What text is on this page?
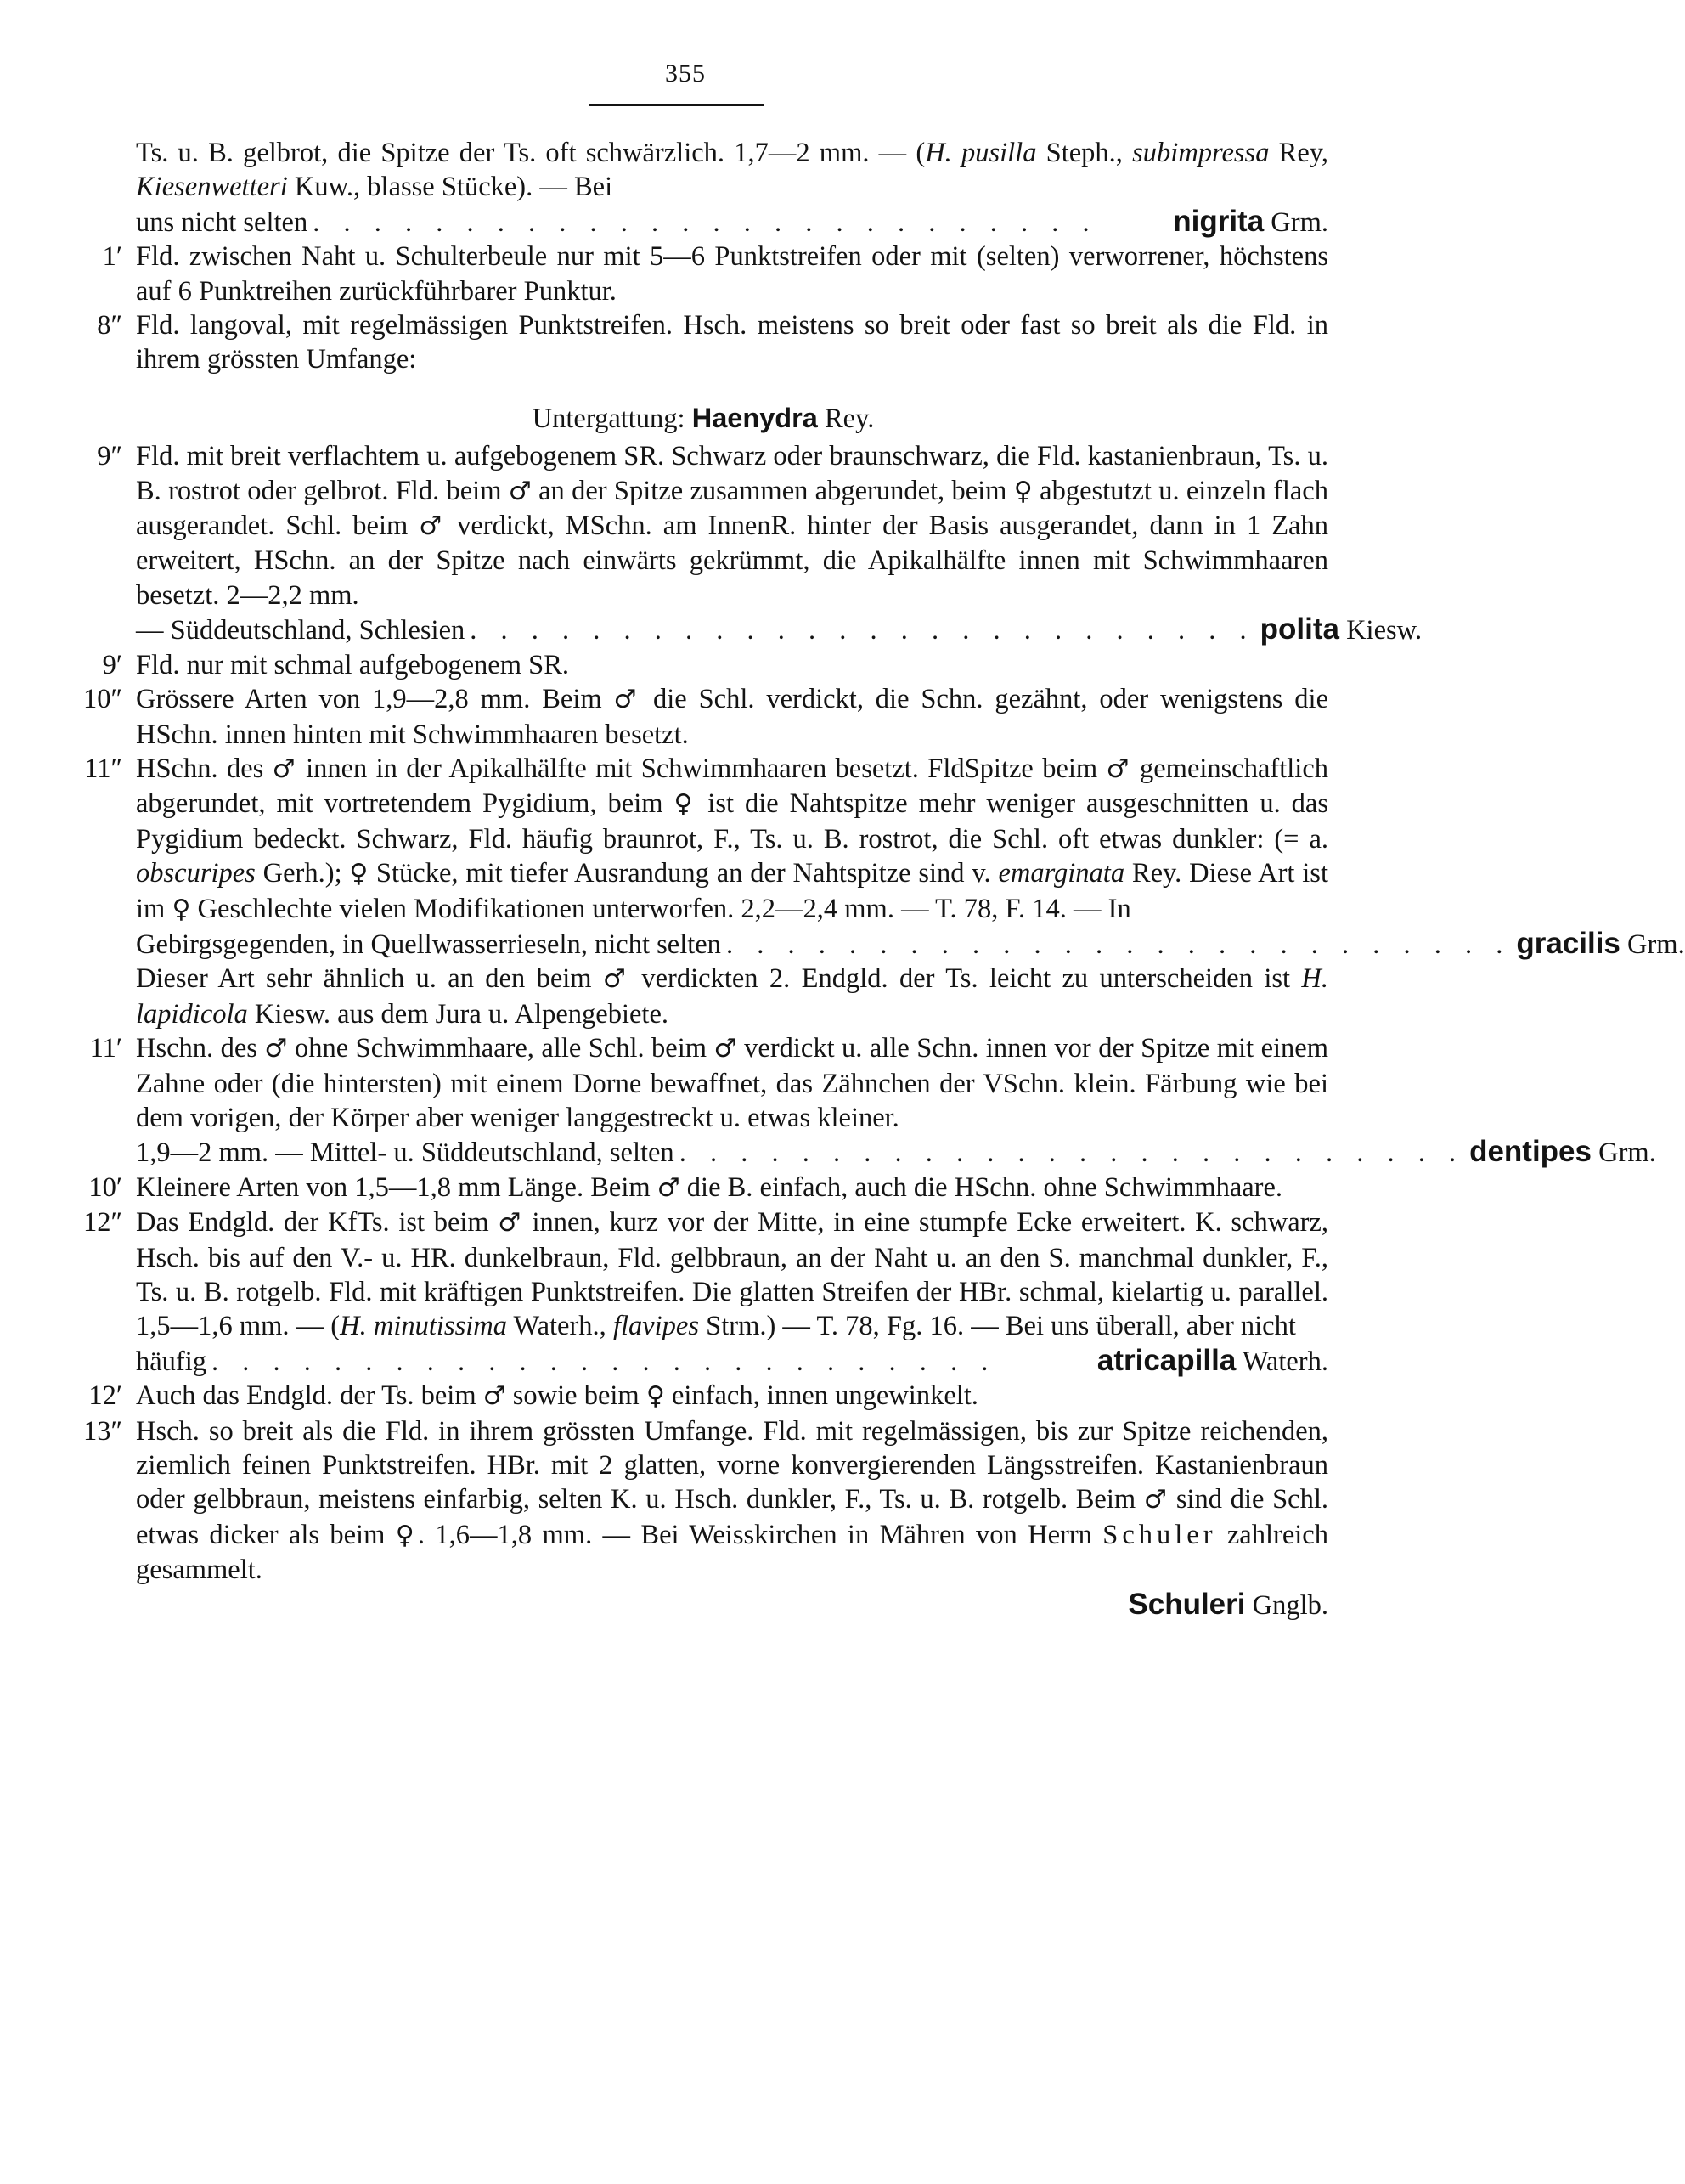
355
Ts. u. B. gelbrot, die Spitze der Ts. oft schwärzlich. 1,7—2 mm. — (H. pusilla Steph., subimpressa Rey, Kiesenwetteri Kuw., blasse Stücke). — Bei
uns nicht selten . . . . . . . . . . . . . . . . . . . . . . . . . .	nigrita Grm.
1′ Fld. zwischen Naht u. Schulterbeule nur mit 5—6 Punktstreifen oder mit (selten) verworrener, höchstens auf 6 Punktreihen zurückführbarer Punktur.
8″ Fld. langoval, mit regelmässigen Punktstreifen. Hsch. meistens so breit oder fast so breit als die Fld. in ihrem grössten Umfange:
Untergattung: Haenydra Rey.
9″ Fld. mit breit verflachtem u. aufgebogenem SR. Schwarz oder braunschwarz, die Fld. kastanienbraun, Ts. u. B. rostrot oder gelbrot. Fld. beim ♂ an der Spitze zusammen abgerundet, beim ♀ abgestutzt u. einzeln flach ausgerandet. Schl. beim ♂ verdickt, MSchn. am InnenR. hinter der Basis ausgerandet, dann in 1 Zahn erweitert, HSchn. an der Spitze nach einwärts gekrümmt, die Apikalhälfte innen mit Schwimmhaaren besetzt. 2—2,2 mm.
— Süddeutschland, Schlesien . . . . . . . . . . . . . . . . . . . . . . . . . . polita Kiesw.
9′ Fld. nur mit schmal aufgebogenem SR.
10″ Grössere Arten von 1,9—2,8 mm. Beim ♂ die Schl. verdickt, die Schn. gezähnt, oder wenigstens die HSchn. innen hinten mit Schwimmhaaren besetzt.
11″ HSchn. des ♂ innen in der Apikalhälfte mit Schwimmhaaren besetzt. FldSpitze beim ♂ gemeinschaftlich abgerundet, mit vortretendem Pygidium, beim ♀ ist die Nahtspitze mehr weniger ausgeschnitten u. das Pygidium bedeckt. Schwarz, Fld. häufig braunrot, F., Ts. u. B. rostrot, die Schl. oft etwas dunkler: (= a. obscuripes Gerh.); ♀ Stücke, mit tiefer Ausrandung an der Nahtspitze sind v. emarginata Rey. Diese Art ist im ♀ Geschlechte vielen Modifikationen unterworfen. 2,2—2,4 mm. — T. 78, F. 14. — In
Gebirgsgegenden, in Quellwasserrieseln, nicht selten . . . . . . . . . . . . . . . . . . . . . . . . . . gracilis Grm.
Dieser Art sehr ähnlich u. an den beim ♂ verdickten 2. Endgld. der Ts. leicht zu unterscheiden ist H. lapidicola Kiesw. aus dem Jura u. Alpengebiete.
11′ Hschn. des ♂ ohne Schwimmhaare, alle Schl. beim ♂ verdickt u. alle Schn. innen vor der Spitze mit einem Zahne oder (die hintersten) mit einem Dorne bewaffnet, das Zähnchen der VSchn. klein. Färbung wie bei dem vorigen, der Körper aber weniger langgestreckt u. etwas kleiner.
1,9—2 mm. — Mittel- u. Süddeutschland, selten . . . . . . . . . . . . . . . . . . . . . . . . . . dentipes Grm.
10′ Kleinere Arten von 1,5—1,8 mm Länge. Beim ♂ die B. einfach, auch die HSchn. ohne Schwimmhaare.
12″ Das Endgld. der KfTs. ist beim ♂ innen, kurz vor der Mitte, in eine stumpfe Ecke erweitert. K. schwarz, Hsch. bis auf den V.- u. HR. dunkelbraun, Fld. gelbbraun, an der Naht u. an den S. manchmal dunkler, F., Ts. u. B. rotgelb. Fld. mit kräftigen Punktstreifen. Die glatten Streifen der HBr. schmal, kielartig u. parallel. 1,5—1,6 mm. — (H. minutissima Waterh., flavipes Strm.) — T. 78, Fg. 16. — Bei uns überall, aber nicht
häufig . . . . . . . . . . . . . . . . . . . . . . . . . .	atricapilla Waterh.
12′ Auch das Endgld. der Ts. beim ♂ sowie beim ♀ einfach, innen ungewinkelt.
13″ Hsch. so breit als die Fld. in ihrem grössten Umfange. Fld. mit regelmässigen, bis zur Spitze reichenden, ziemlich feinen Punktstreifen. HBr. mit 2 glatten, vorne konvergierenden Längsstreifen. Kastanienbraun oder gelbbraun, meistens einfarbig, selten K. u. Hsch. dunkler, F., Ts. u. B. rotgelb. Beim ♂ sind die Schl. etwas dicker als beim ♀. 1,6—1,8 mm. — Bei Weisskirchen in Mähren von Herrn Schuler zahlreich gesammelt.
Schuleri Gnglb.
